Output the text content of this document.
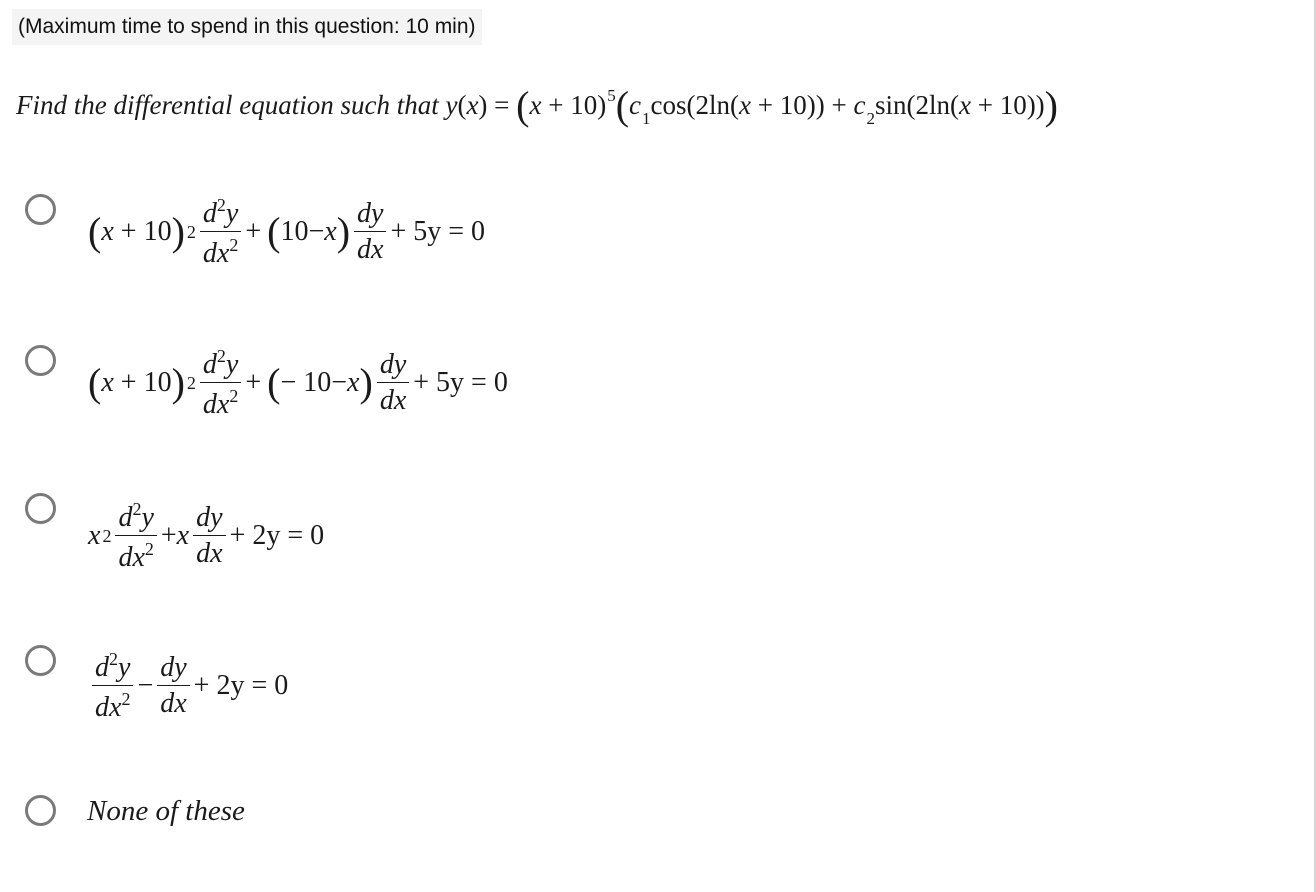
(Maximum time to spend in this question: 10 min)
Find the differential equation such that $y(x) = (x + 10)^5(c_1\cos(2\ln(x + 10)) + c_2\sin(2\ln(x + 10)))$
( x + 10 ) $2 \frac{d^2y}{dx^2}$ + ( 10 − x ) $\frac{dy}{dx} + 5y = 0$
( x + 10 ) $2 \frac{d^2y}{dx^2}$ + ( − 10 − x ) $\frac{dy}{dx} + 5y = 0$
x $2 \frac{d^2y}{dx^2} + x \frac{dy}{dx} + 2y = 0$
$\frac{d^2y}{dx^2} - \frac{dy}{dx} + 2y = 0$
None of these
